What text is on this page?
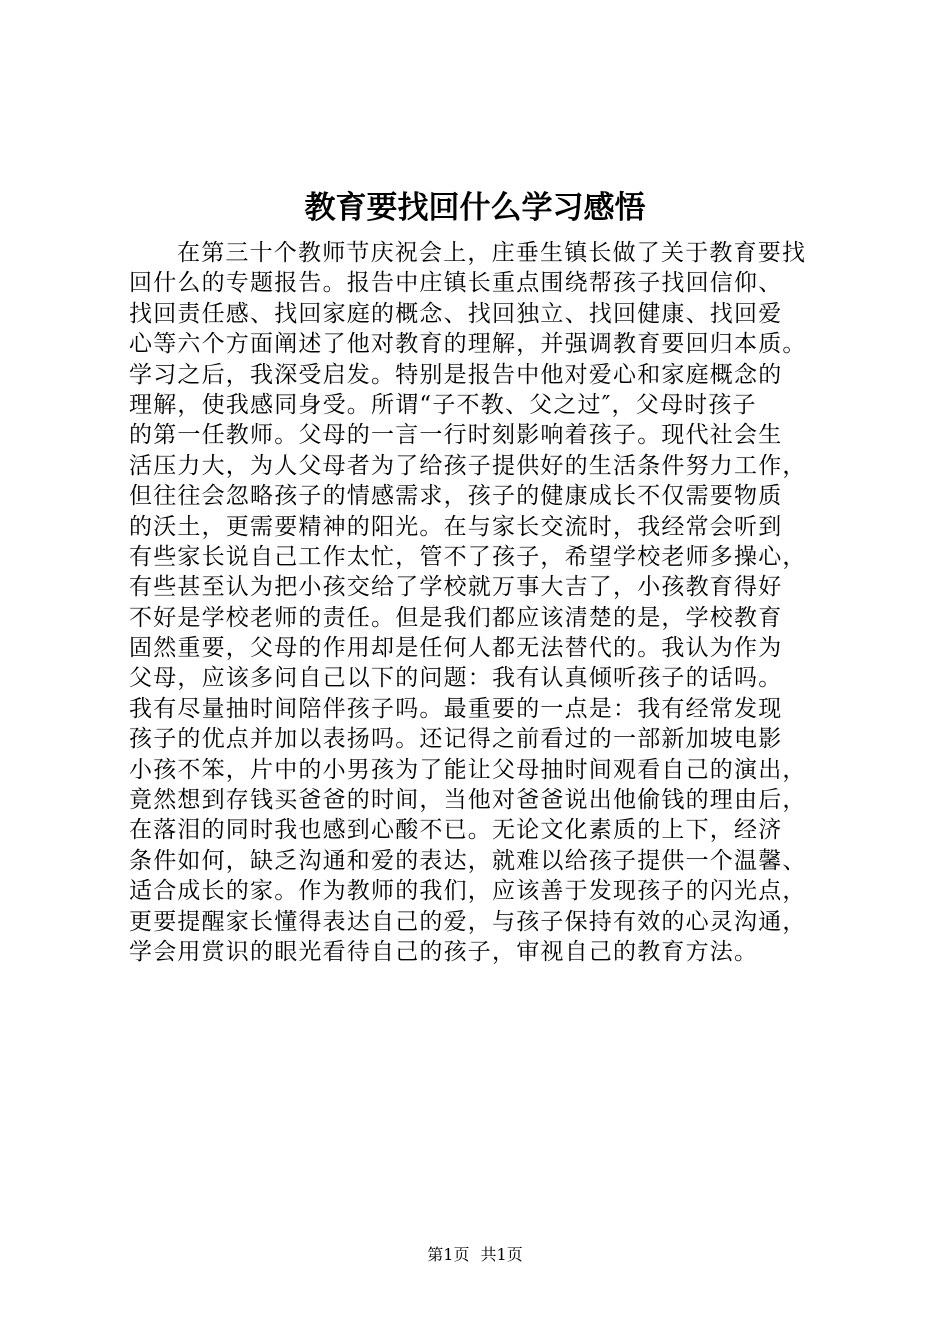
教育要找回什么学习感悟
在第三十个教师节庆祝会上，庄垂生镇长做了关于教育要找
回什么的专题报告。报告中庄镇长重点围绕帮孩子找回信仰、
找回责任感、找回家庭的概念、找回独立、找回健康、找回爱
心等六个方面阐述了他对教育的理解，并强调教育要回归本质。
学习之后，我深受启发。特别是报告中他对爱心和家庭概念的
理解，使我感同身受。所谓“子不教、父之过″，父母时孩子
的第一任教师。父母的一言一行时刻影响着孩子。现代社会生
活压力大，为人父母者为了给孩子提供好的生活条件努力工作，
但往往会忽略孩子的情感需求，孩子的健康成长不仅需要物质
的沃土，更需要精神的阳光。在与家长交流时，我经常会听到
有些家长说自己工作太忙，管不了孩子，希望学校老师多操心，
有些甚至认为把小孩交给了学校就万事大吉了，小孩教育得好
不好是学校老师的责任。但是我们都应该清楚的是，学校教育
固然重要，父母的作用却是任何人都无法替代的。我认为作为
父母，应该多问自己以下的问题：我有认真倾听孩子的话吗。
我有尽量抽时间陪伴孩子吗。最重要的一点是：我有经常发现
孩子的优点并加以表扬吗。还记得之前看过的一部新加坡电影
小孩不笨，片中的小男孩为了能让父母抽时间观看自己的演出，
竟然想到存钱买爸爸的时间，当他对爸爸说出他偷钱的理由后，
在落泪的同时我也感到心酸不已。无论文化素质的上下，经济
条件如何，缺乏沟通和爱的表达，就难以给孩子提供一个温馨、
适合成长的家。作为教师的我们，应该善于发现孩子的闪光点，
更要提醒家长懂得表达自己的爱，与孩子保持有效的心灵沟通，
学会用赏识的眼光看待自己的孩子，审视自己的教育方法。
第1页 共1页
